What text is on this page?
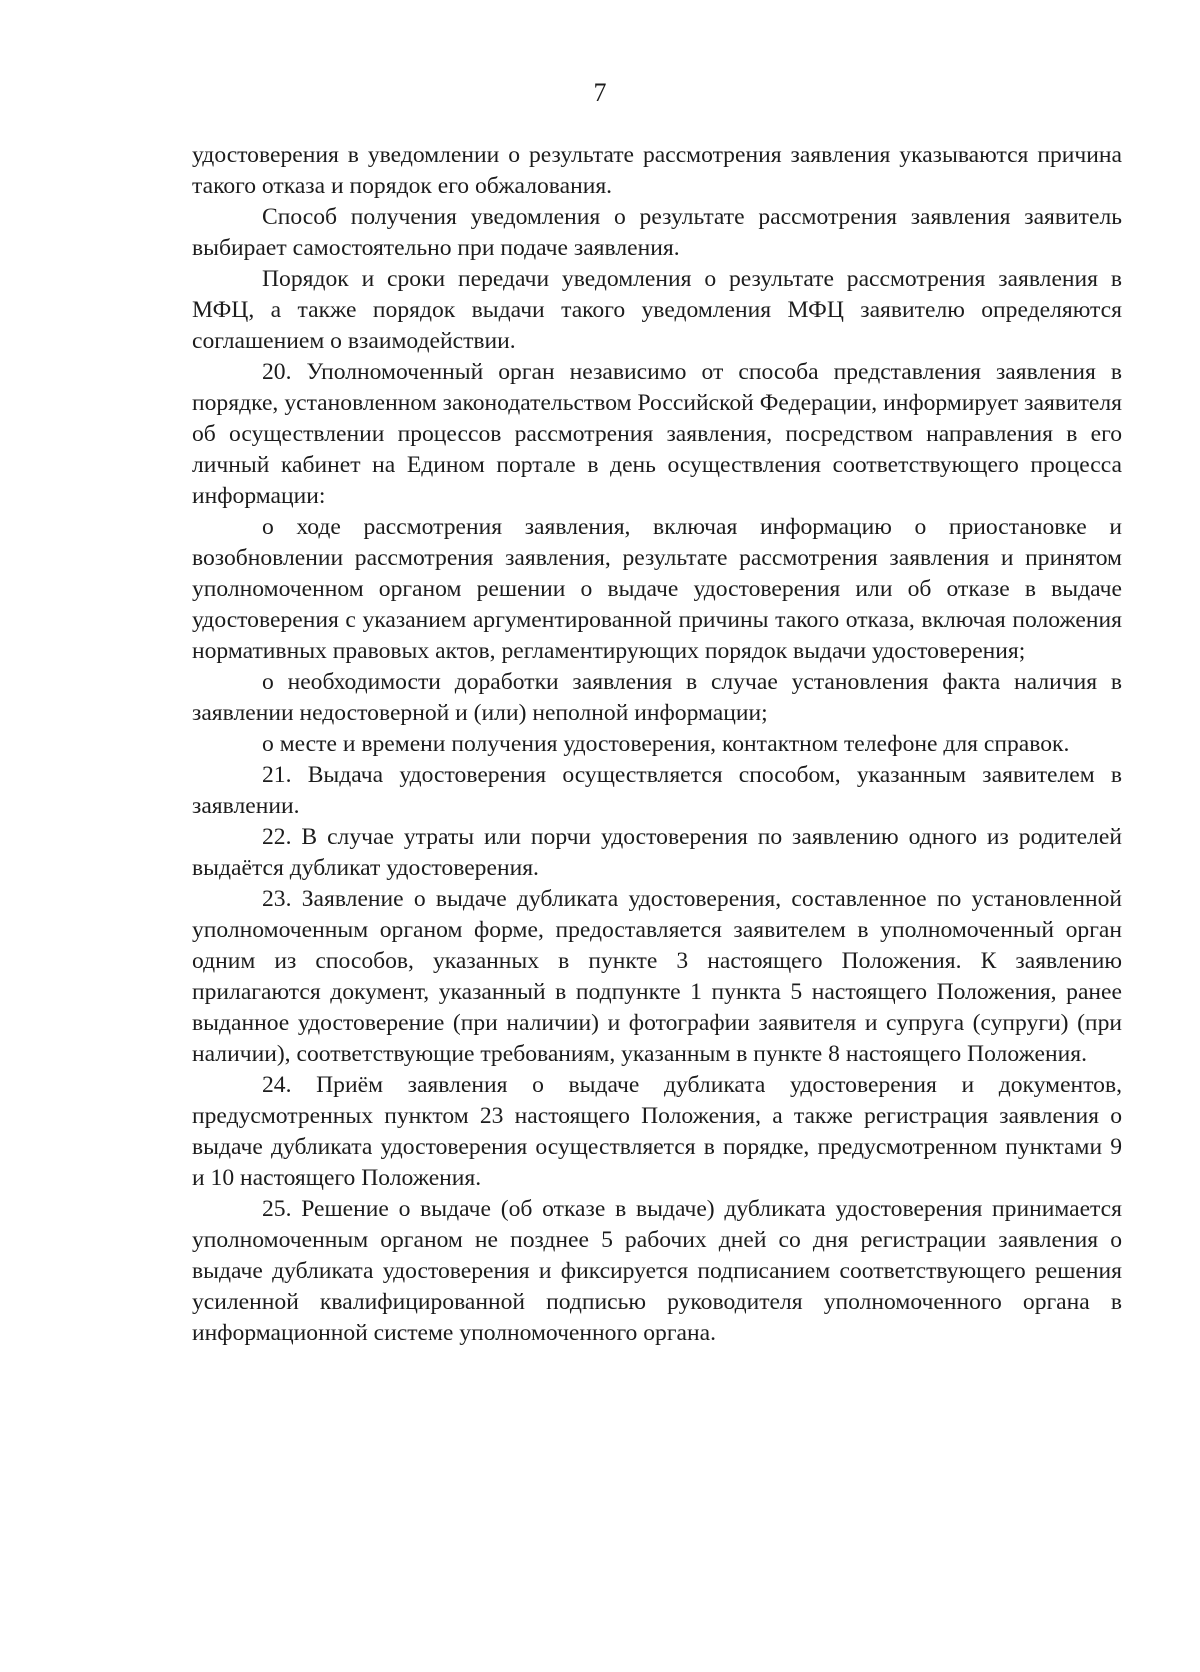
7

удостоверения в уведомлении о результате рассмотрения заявления указываются причина такого отказа и порядок его обжалования.

Способ получения уведомления о результате рассмотрения заявления заявитель выбирает самостоятельно при подаче заявления.

Порядок и сроки передачи уведомления о результате рассмотрения заявления в МФЦ, а также порядок выдачи такого уведомления МФЦ заявителю определяются соглашением о взаимодействии.

20. Уполномоченный орган независимо от способа представления заявления в порядке, установленном законодательством Российской Федерации, информирует заявителя об осуществлении процессов рассмотрения заявления, посредством направления в его личный кабинет на Едином портале в день осуществления соответствующего процесса информации:

о ходе рассмотрения заявления, включая информацию о приостановке и возобновлении рассмотрения заявления, результате рассмотрения заявления и принятом уполномоченном органом решении о выдаче удостоверения или об отказе в выдаче удостоверения с указанием аргументированной причины такого отказа, включая положения нормативных правовых актов, регламентирующих порядок выдачи удостоверения;

о необходимости доработки заявления в случае установления факта наличия в заявлении недостоверной и (или) неполной информации;

о месте и времени получения удостоверения, контактном телефоне для справок.

21. Выдача удостоверения осуществляется способом, указанным заявителем в заявлении.

22. В случае утраты или порчи удостоверения по заявлению одного из родителей выдаётся дубликат удостоверения.

23. Заявление о выдаче дубликата удостоверения, составленное по установленной уполномоченным органом форме, предоставляется заявителем в уполномоченный орган одним из способов, указанных в пункте 3 настоящего Положения. К заявлению прилагаются документ, указанный в подпункте 1 пункта 5 настоящего Положения, ранее выданное удостоверение (при наличии) и фотографии заявителя и супруга (супруги) (при наличии), соответствующие требованиям, указанным в пункте 8 настоящего Положения.

24. Приём заявления о выдаче дубликата удостоверения и документов, предусмотренных пунктом 23 настоящего Положения, а также регистрация заявления о выдаче дубликата удостоверения осуществляется в порядке, предусмотренном пунктами 9 и 10 настоящего Положения.

25. Решение о выдаче (об отказе в выдаче) дубликата удостоверения принимается уполномоченным органом не позднее 5 рабочих дней со дня регистрации заявления о выдаче дубликата удостоверения и фиксируется подписанием соответствующего решения усиленной квалифицированной подписью руководителя уполномоченного органа в информационной системе уполномоченного органа.
